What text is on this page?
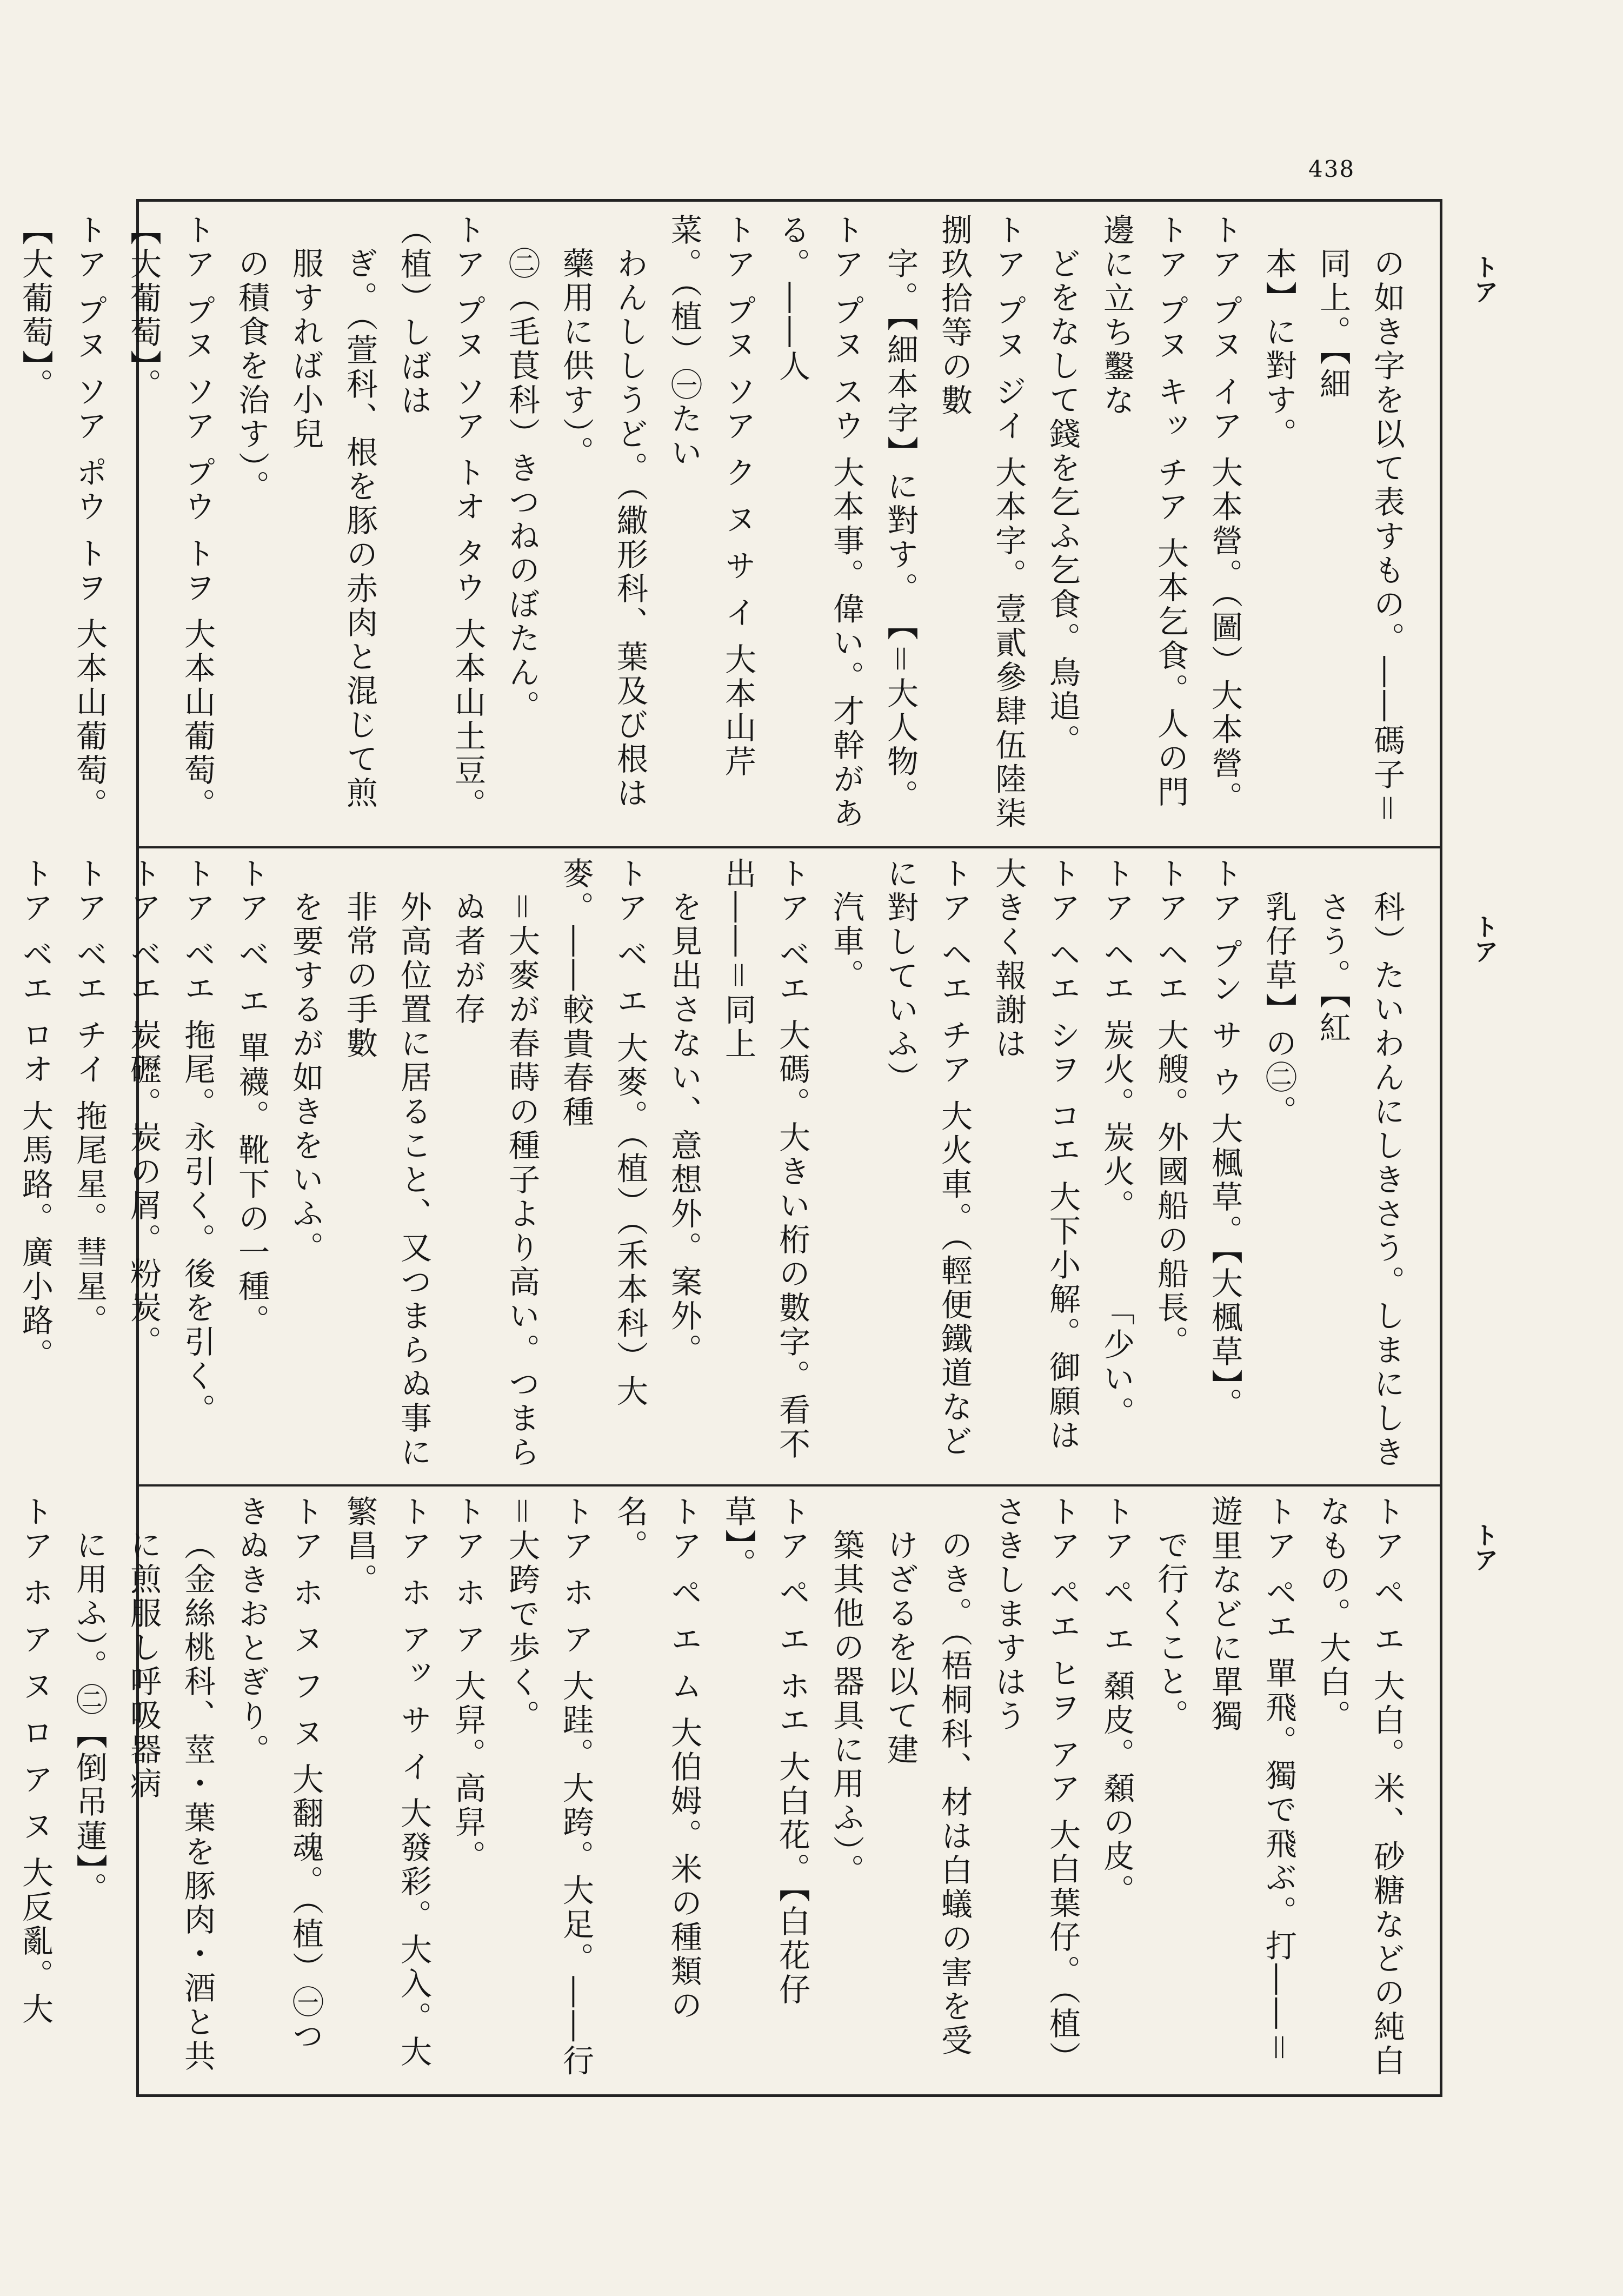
438
トア
トア
トア

の如き字を以て表すもの。――碼子＝同上。【細

本】に對す。

トア プヌ イア 大本營。（圖）大本營。

トア プヌ キッ チア 大本乞食。人の門邊に立ち鑿な

どをなして錢を乞ふ乞食。鳥追。

トア プヌ ジイ 大本字。壹貳參肆伍陸柒捌玖拾等の數

字。【細本字】に對す。　【＝大人物。

トア プヌ スウ 大本事。偉い。才幹がある。――人

トア プヌ ソア ク ヌ サ イ 大本山芹菜。（植）㊀たい

わんししうど。（繖形科、葉及び根は藥用に供す）。

㊁（毛茛科）きつねのぼたん。

トア プヌ ソア トオ タウ 大本山土豆。（植）しばは

ぎ。（萱科、根を豚の赤肉と混じて煎服すれば小兒

の積食を治す）。

トア プヌ ソア プウ トヲ 大本山葡萄。【大葡萄】。

トア プヌ ソア ポウ トヲ 大本山葡萄。【大葡萄】。

科）たいわんにしきさう。しまにしきさう。【紅

乳仔草】の㊁。

トア プン サ ウ 大楓草。【大楓草】。

トア ヘエ 大艘。外國船の船長。

トア ヘエ 炭火。炭火。　　　「少い。

トア ヘエ シヲ コエ 大下小解。御願は大きく報謝は

トア ヘエ チア 大火車。（輕便鐵道などに對していふ）

汽車。

トア ベエ 大碼。大きい桁の數字。看不出――＝同上

を見出さない、意想外。案外。

トア ベ エ 大麥。（植）（禾本科）大麥。――較貴春種

＝大麥が春蒔の種子より高い。つまらぬ者が存

外高位置に居ること、又つまらぬ事に非常の手數

を要するが如きをいふ。

トア ベ エ 單襪。靴下の一種。

トア ベエ 拖尾。永引く。後を引く。

トア ベエ 炭礰。炭の屑。粉炭。

トア ベエ チイ 拖尾星。彗星。

トア ベエ ロオ 大馬路。廣小路。

トア ペ エ 大白。米、砂糖などの純白なもの。大白。

トア ペエ 單飛。獨で飛ぶ。打――＝遊里などに單獨

で行くこと。

トア ペ エ 顙皮。顙の皮。

トア ペエ ヒヲ アア 大白葉仔。（植）さきしますはう

のき。（梧桐科、材は白蟻の害を受けざるを以て建

築其他の器具に用ふ）。

トア ペ エ ホエ 大白花。【白花仔草】。

トア ペ エ ム 大伯姆。米の種類の名。

トア ホ ア 大跬。大跨。大足。――行＝大跨で歩く。

トア ホ ア 大舁。高舁。

トア ホ アッ サ イ 大發彩。大入。大繁昌。

トア ホ ヌ フ ヌ 大翻魂。（植）㊀つきぬきおとぎり。

（金絲桃科、莖・葉を豚肉・酒と共に煎服し呼吸器病

に用ふ）。㊁【倒吊蓮】。

トア ホ ア ヌ ロ ア ヌ 大反亂。大
